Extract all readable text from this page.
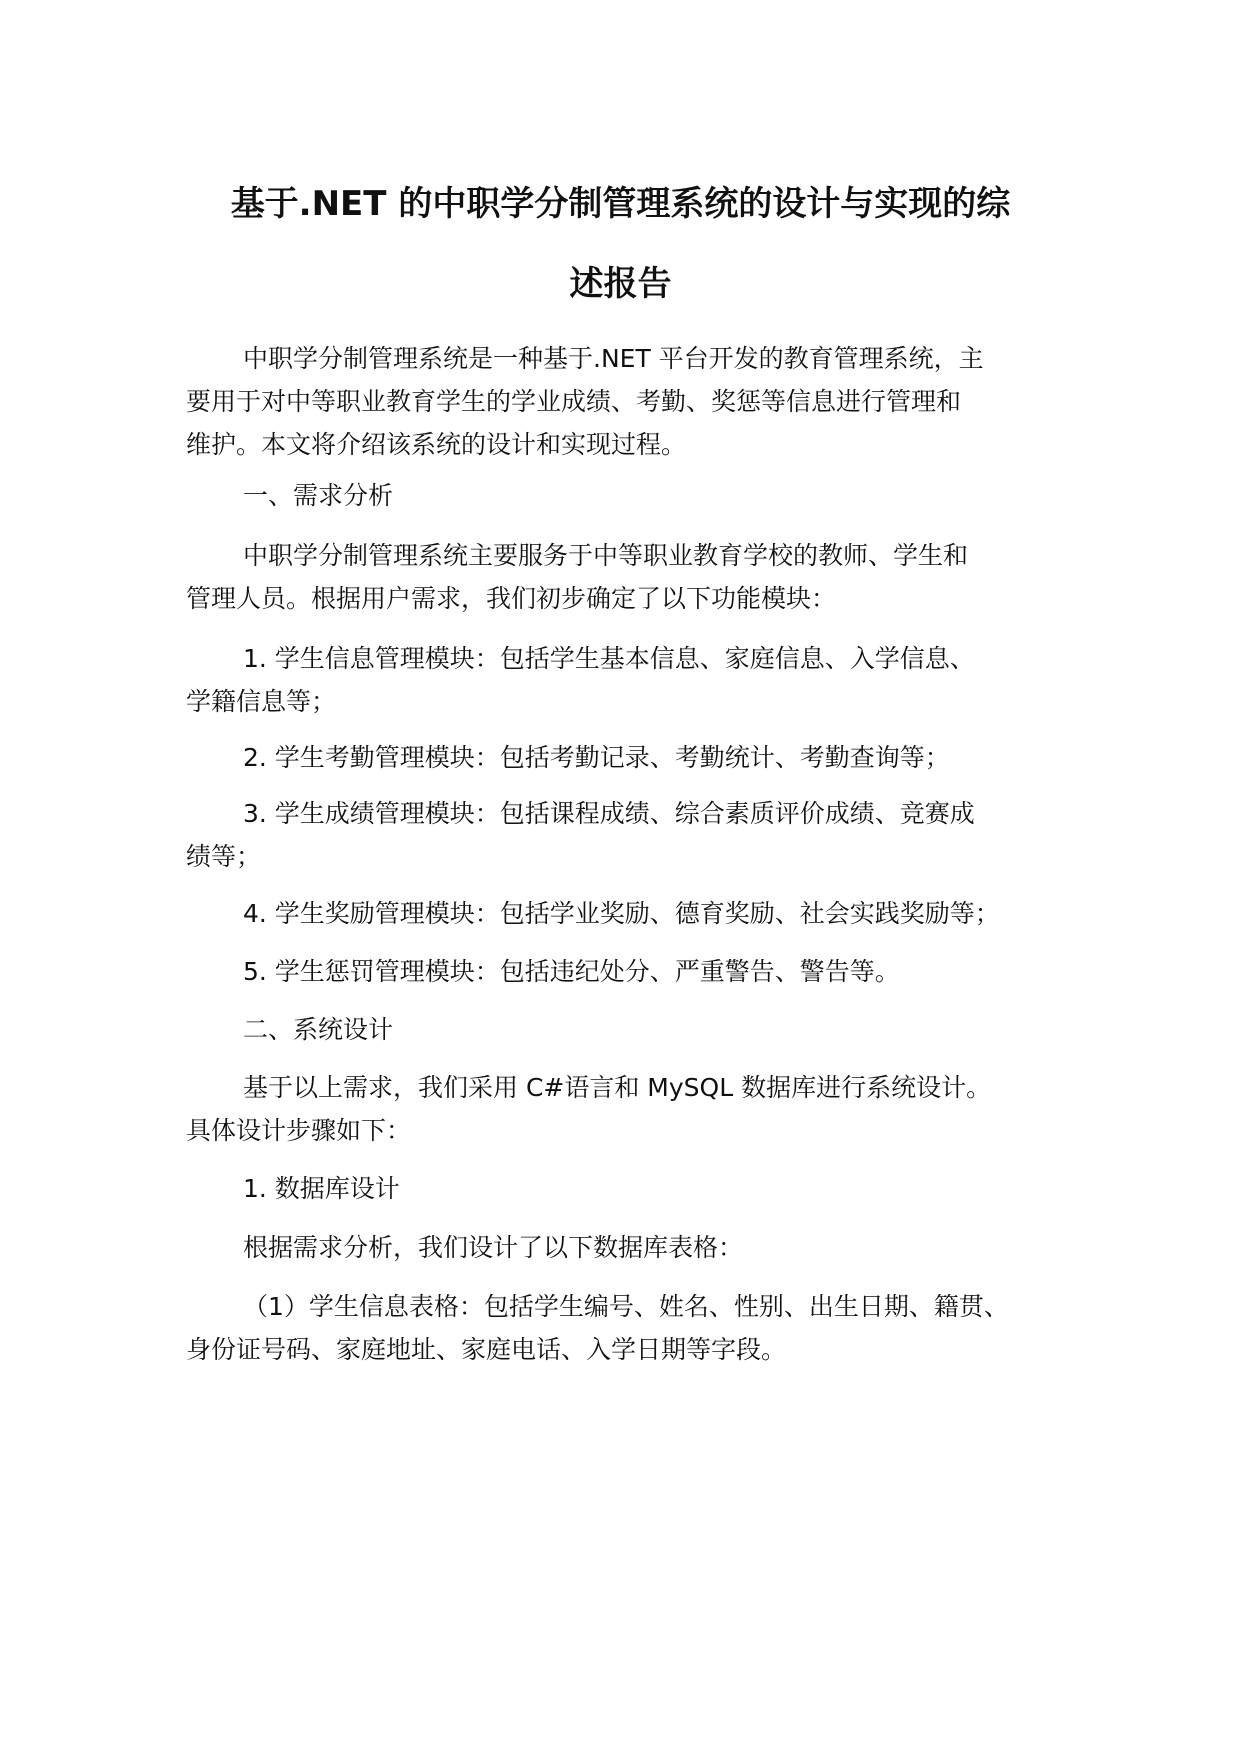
基于.NET 的中职学分制管理系统的设计与实现的综
述报告
中职学分制管理系统是一种基于.NET 平台开发的教育管理系统，主
要用于对中等职业教育学生的学业成绩、考勤、奖惩等信息进行管理和
维护。本文将介绍该系统的设计和实现过程。
一、需求分析
中职学分制管理系统主要服务于中等职业教育学校的教师、学生和
管理人员。根据用户需求，我们初步确定了以下功能模块：
1. 学生信息管理模块：包括学生基本信息、家庭信息、入学信息、
学籍信息等；
2. 学生考勤管理模块：包括考勤记录、考勤统计、考勤查询等；
3. 学生成绩管理模块：包括课程成绩、综合素质评价成绩、竞赛成
绩等；
4. 学生奖励管理模块：包括学业奖励、德育奖励、社会实践奖励等；
5. 学生惩罚管理模块：包括违纪处分、严重警告、警告等。
二、系统设计
基于以上需求，我们采用 C#语言和 MySQL 数据库进行系统设计。
具体设计步骤如下：
1. 数据库设计
根据需求分析，我们设计了以下数据库表格：
（1）学生信息表格：包括学生编号、姓名、性别、出生日期、籍贯、
身份证号码、家庭地址、家庭电话、入学日期等字段。
